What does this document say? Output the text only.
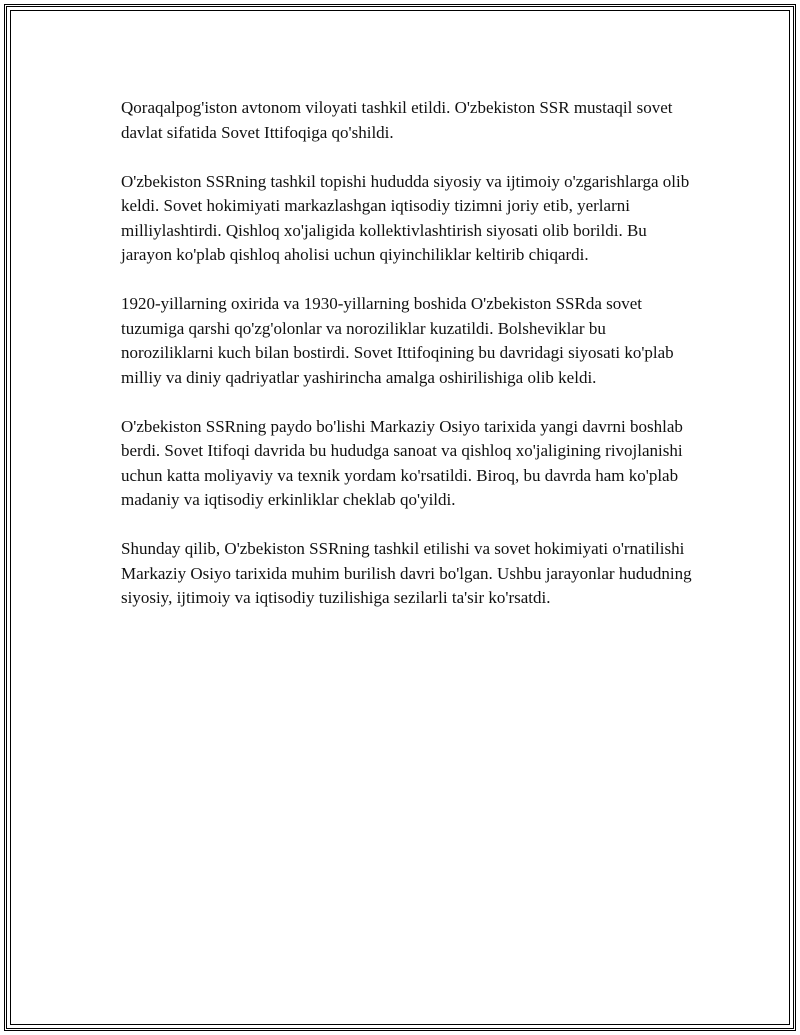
Qoraqalpog'iston avtonom viloyati tashkil etildi. O'zbekiston SSR mustaqil sovet davlat sifatida Sovet Ittifoqiga qo'shildi.

O'zbekiston SSRning tashkil topishi hududda siyosiy va ijtimoiy o'zgarishlarga olib keldi. Sovet hokimiyati markazlashgan iqtisodiy tizimni joriy etib, yerlarni milliylashtirdi. Qishloq xo'jaligida kollektivlashtirish siyosati olib borildi. Bu jarayon ko'plab qishloq aholisi uchun qiyinchiliklar keltirib chiqardi.

1920-yillarning oxirida va 1930-yillarning boshida O'zbekiston SSRda sovet tuzumiga qarshi qo'zg'olonlar va noroziliklar kuzatildi. Bolsheviklar bu noroziliklarni kuch bilan bostirdi. Sovet Ittifoqining bu davridagi siyosati ko'plab milliy va diniy qadriyatlar yashirincha amalga oshirilishiga olib keldi.

O'zbekiston SSRning paydo bo'lishi Markaziy Osiyo tarixida yangi davrni boshlab berdi. Sovet Itifoqi davrida bu hududga sanoat va qishloq xo'jaligining rivojlanishi uchun katta moliyaviy va texnik yordam ko'rsatildi. Biroq, bu davrda ham ko'plab madaniy va iqtisodiy erkinliklar cheklab qo'yildi.

Shunday qilib, O'zbekiston SSRning tashkil etilishi va sovet hokimiyati o'rnatilishi Markaziy Osiyo tarixida muhim burilish davri bo'lgan. Ushbu jarayonlar hududning siyosiy, ijtimoiy va iqtisodiy tuzilishiga sezilarli ta'sir ko'rsatdi.
